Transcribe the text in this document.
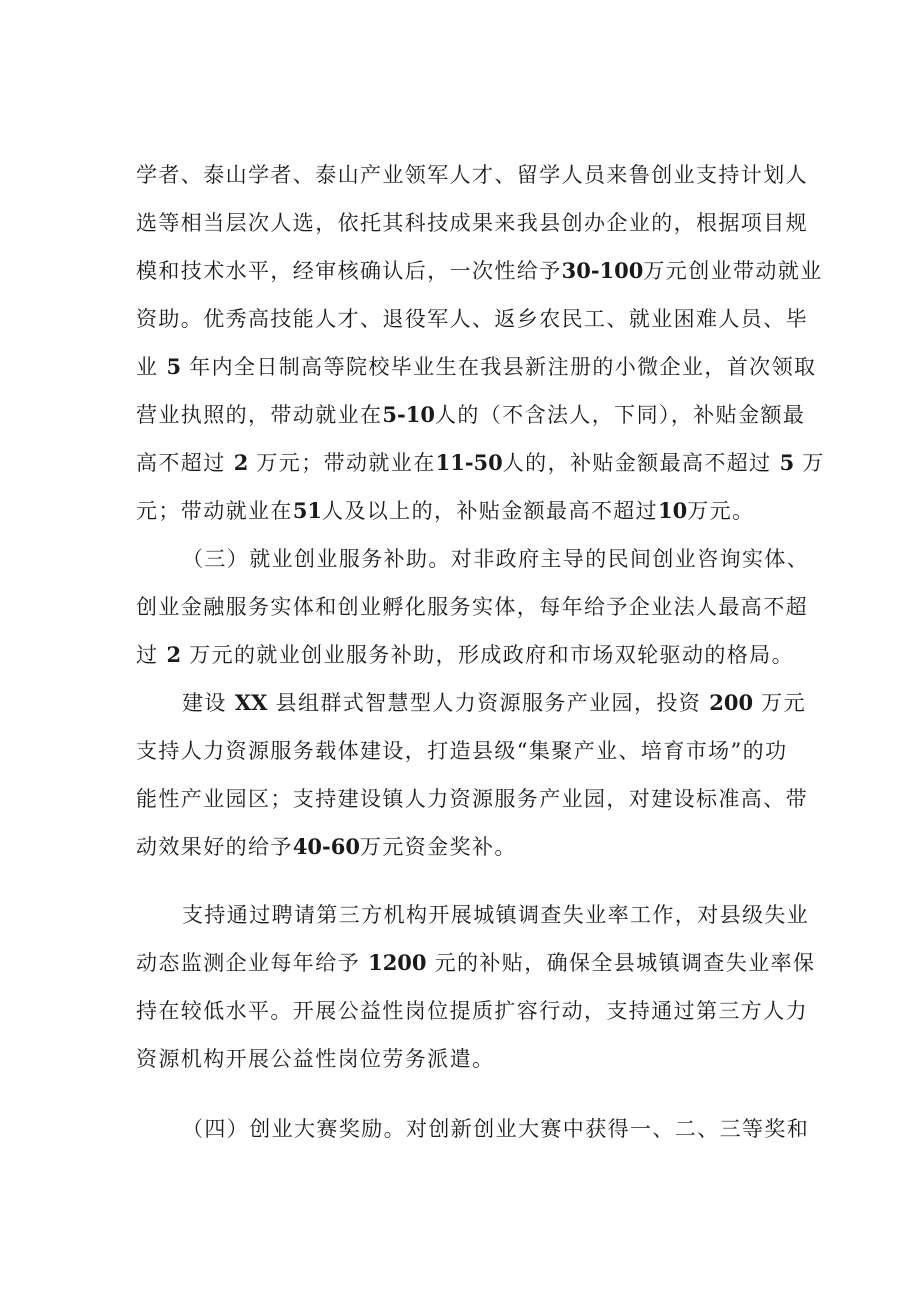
学者、泰山学者、泰山产业领军人才、留学人员来鲁创业支持计划人
选等相当层次人选，依托其科技成果来我县创办企业的，根据项目规
模和技术水平，经审核确认后，一次性给予30-100万元创业带动就业
资助。优秀高技能人才、退役军人、返乡农民工、就业困难人员、毕
业 5 年内全日制高等院校毕业生在我县新注册的小微企业，首次领取
营业执照的，带动就业在5-10人的（不含法人，下同），补贴金额最
高不超过 2 万元；带动就业在11-50人的，补贴金额最高不超过 5 万
元；带动就业在51人及以上的，补贴金额最高不超过10万元。
（三）就业创业服务补助。对非政府主导的民间创业咨询实体、
创业金融服务实体和创业孵化服务实体，每年给予企业法人最高不超
过 2 万元的就业创业服务补助，形成政府和市场双轮驱动的格局。
建设 XX 县组群式智慧型人力资源服务产业园，投资 200 万元
支持人力资源服务载体建设，打造县级“集聚产业、培育市场”的功
能性产业园区；支持建设镇人力资源服务产业园，对建设标准高、带
动效果好的给予40-60万元资金奖补。
支持通过聘请第三方机构开展城镇调查失业率工作，对县级失业
动态监测企业每年给予 1200 元的补贴，确保全县城镇调查失业率保
持在较低水平。开展公益性岗位提质扩容行动，支持通过第三方人力
资源机构开展公益性岗位劳务派遣。
（四）创业大赛奖励。对创新创业大赛中获得一、二、三等奖和
